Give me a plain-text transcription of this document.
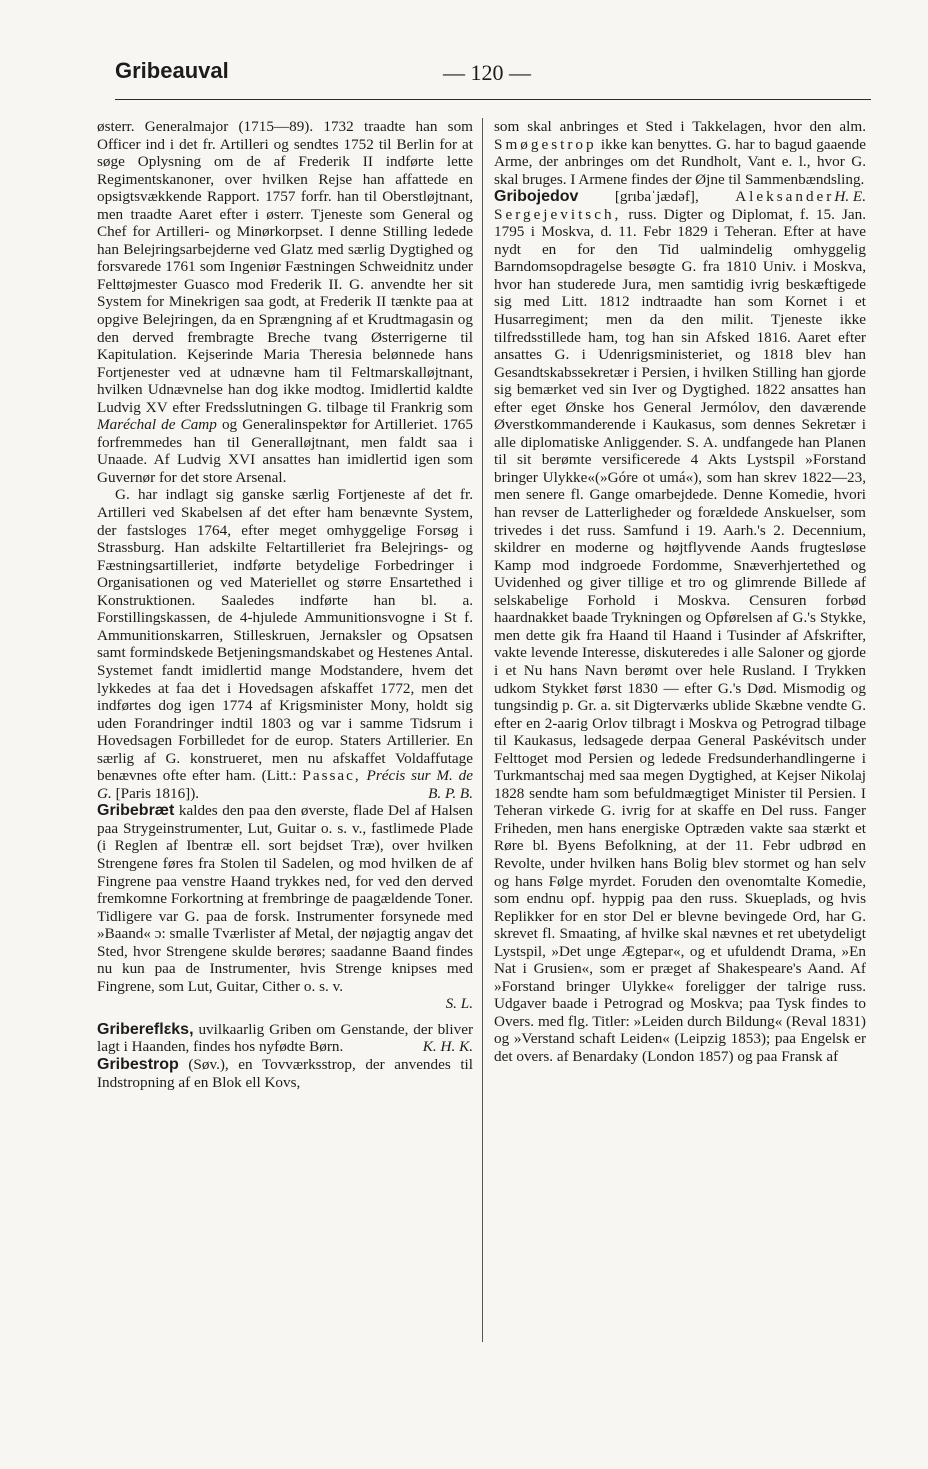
Gribeauval	— 120 —

østerr. Generalmajor (1715—89). 1732 traadte han som Officer ind i det fr. Artilleri og sendtes 1752 til Berlin for at søge Oplysning om de af Frederik II indførte lette Regimentskanoner, over hvilken Rejse han affattede en opsigtsvækkende Rapport. 1757 forfr. han til Oberstløjtnant, men traadte Aaret efter i østerr. Tjeneste som General og Chef for Artilleri- og Minørkorpset. I denne Stilling ledede han Belejringsarbejderne ved Glatz med særlig Dygtighed og forsvarede 1761 som Ingeniør Fæstningen Schweidnitz under Felttøjmester Guasco mod Frederik II. G. anvendte her sit System for Minekrigen saa godt, at Frederik II tænkte paa at opgive Belejringen, da en Sprængning af et Krudtmagasin og den derved frembragte Breche tvang Østerrigerne til Kapitulation. Kejserinde Maria Theresia belønnede hans Fortjenester ved at udnævne ham til Feltmarskalløjtnant, hvilken Udnævnelse han dog ikke modtog. Imidlertid kaldte Ludvig XV efter Fredsslutningen G. tilbage til Frankrig som Maréchal de Camp og Generalinspektør for Artilleriet. 1765 forfremmedes han til Generalløjtnant, men faldt saa i Unaade. Af Ludvig XVI ansattes han imidlertid igen som Guvernør for det store Arsenal.

G. har indlagt sig ganske særlig Fortjeneste af det fr. Artilleri ved Skabelsen af det efter ham benævnte System, der fastsloges 1764, efter meget omhyggelige Forsøg i Strassburg. Han adskilte Feltartilleriet fra Belejrings- og Fæstningsartilleriet, indførte betydelige Forbedringer i Organisationen og ved Materiellet og større Ensartethed i Konstruktionen. Saaledes indførte han bl. a. Forstillingskassen, de 4-hjulede Ammunitionsvogne i St f. Ammunitionskarren, Stilleskruen, Jernaksler og Opsatsen samt formindskede Betjeningsmandskabet og Hestenes Antal. Systemet fandt imidlertid mange Modstandere, hvem det lykkedes at faa det i Hovedsagen afskaffet 1772, men det indførtes dog igen 1774 af Krigsminister Mony, holdt sig uden Forandringer indtil 1803 og var i samme Tidsrum i Hovedsagen Forbilledet for de europ. Staters Artillerier. En særlig af G. konstrueret, men nu afskaffet Voldaffutage benævnes ofte efter ham. (Litt.: Passac, Précis sur M. de G. [Paris 1816]).	B. P. B.

Gribebræt kaldes den paa den øverste, flade Del af Halsen paa Strygeinstrumenter, Lut, Guitar o. s. v., fastlimede Plade (i Reglen af Ibentræ ell. sort bejdset Træ), over hvilken Strengene føres fra Stolen til Sadelen, og mod hvilken de af Fingrene paa venstre Haand trykkes ned, for ved den derved fremkomne Forkortning at frembringe de paagældende Toner. Tidligere var G. paa de forsk. Instrumenter forsynede med »Baand« ɔ: smalle Tværlister af Metal, der nøjagtig angav det Sted, hvor Strengene skulde berøres; saadanne Baand findes nu kun paa de Instrumenter, hvis Strenge knipses med Fingrene, som Lut, Guitar, Cither o. s. v.

S. L.

Gribereflεks, uvilkaarlig Griben om Genstande, der bliver lagt i Haanden, findes hos nyfødte Børn.	K. H. K.

Gribestrop (Søv.), en Tovværksstrop, der anvendes til Indstropning af en Blok ell Kovs,

som skal anbringes et Sted i Takkelagen, hvor den alm. Smøgestrop ikke kan benyttes. G. har to bagud gaaende Arme, der anbringes om det Rundholt, Vant e. l., hvor G. skal bruges. I Armene findes der Øjne til Sammenbændsling.
H. E.

Gribojedov [grıbaˈjædəf], Aleksander Sergejevitsch, russ. Digter og Diplomat, f. 15. Jan. 1795 i Moskva, d. 11. Febr 1829 i Teheran. Efter at have nydt en for den Tid ualmindelig omhyggelig Barndomsopdragelse besøgte G. fra 1810 Univ. i Moskva, hvor han studerede Jura, men samtidig ivrig beskæftigede sig med Litt. 1812 indtraadte han som Kornet i et Husarregiment; men da den milit. Tjeneste ikke tilfredsstillede ham, tog han sin Afsked 1816. Aaret efter ansattes G. i Udenrigsministeriet, og 1818 blev han Gesandtskabssekretær i Persien, i hvilken Stilling han gjorde sig bemærket ved sin Iver og Dygtighed. 1822 ansattes han efter eget Ønske hos General Jermólov, den daværende Øverstkommanderende i Kaukasus, som dennes Sekretær i alle diplomatiske Anliggender. S. A. undfangede han Planen til sit berømte versificerede 4 Akts Lystspil »Forstand bringer Ulykke«(»Góre ot umá«), som han skrev 1822—23, men senere fl. Gange omarbejdede. Denne Komedie, hvori han revser de Latterligheder og forældede Anskuelser, som trivedes i det russ. Samfund i 19. Aarh.'s 2. Decennium, skildrer en moderne og højtflyvende Aands frugtesløse Kamp mod indgroede Fordomme, Snæverhjertethed og Uvidenhed og giver tillige et tro og glimrende Billede af selskabelige Forhold i Moskva. Censuren forbød haardnakket baade Trykningen og Opførelsen af G.'s Stykke, men dette gik fra Haand til Haand i Tusinder af Afskrifter, vakte levende Interesse, diskuteredes i alle Saloner og gjorde i et Nu hans Navn berømt over hele Rusland. I Trykken udkom Stykket først 1830 — efter G.'s Død. Mismodig og tungsindig p. Gr. a. sit Digterværks ublide Skæbne vendte G. efter en 2-aarig Orlov tilbragt i Moskva og Petrograd tilbage til Kaukasus, ledsagede derpaa General Paskévitsch under Felttoget mod Persien og ledede Fredsunderhandlingerne i Turkmantschaj med saa megen Dygtighed, at Kejser Nikolaj 1828 sendte ham som befuldmægtiget Minister til Persien. I Teheran virkede G. ivrig for at skaffe en Del russ. Fanger Friheden, men hans energiske Optræden vakte saa stærkt et Røre bl. Byens Befolkning, at der 11. Febr udbrød en Revolte, under hvilken hans Bolig blev stormet og han selv og hans Følge myrdet. Foruden den ovenomtalte Komedie, som endnu opf. hyppig paa den russ. Skueplads, og hvis Replikker for en stor Del er blevne bevingede Ord, har G. skrevet fl. Smaating, af hvilke skal nævnes et ret ubetydeligt Lystspil, »Det unge Ægtepar«, og et ufuldendt Drama, »En Nat i Grusien«, som er præget af Shakespeare's Aand. Af »Forstand bringer Ulykke« foreligger der talrige russ. Udgaver baade i Petrograd og Moskva; paa Tysk findes to Overs. med flg. Titler: »Leiden durch Bildung« (Reval 1831) og »Verstand schaft Leiden« (Leipzig 1853); paa Engelsk er det overs. af Benardaky (London 1857) og paa Fransk af
